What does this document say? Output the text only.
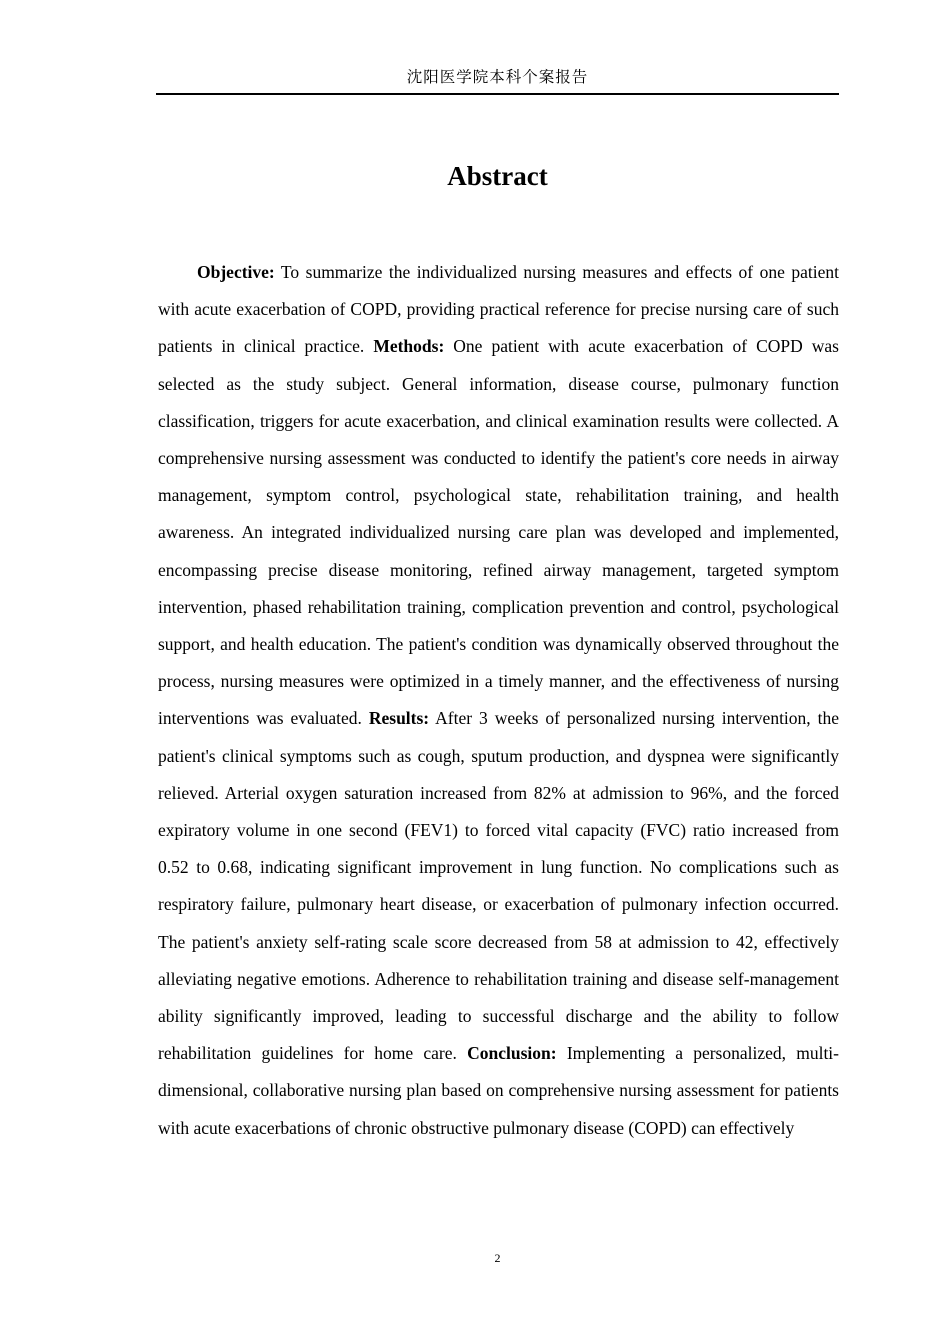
沈阳医学院本科个案报告
Abstract

Objective: To summarize the individualized nursing measures and effects of one patient with acute exacerbation of COPD, providing practical reference for precise nursing care of such patients in clinical practice. Methods: One patient with acute exacerbation of COPD was selected as the study subject. General information, disease course, pulmonary function classification, triggers for acute exacerbation, and clinical examination results were collected. A comprehensive nursing assessment was conducted to identify the patient's core needs in airway management, symptom control, psychological state, rehabilitation training, and health awareness. An integrated individualized nursing care plan was developed and implemented, encompassing precise disease monitoring, refined airway management, targeted symptom intervention, phased rehabilitation training, complication prevention and control, psychological support, and health education. The patient's condition was dynamically observed throughout the process, nursing measures were optimized in a timely manner, and the effectiveness of nursing interventions was evaluated. Results: After 3 weeks of personalized nursing intervention, the patient's clinical symptoms such as cough, sputum production, and dyspnea were significantly relieved. Arterial oxygen saturation increased from 82% at admission to 96%, and the forced expiratory volume in one second (FEV1) to forced vital capacity (FVC) ratio increased from 0.52 to 0.68, indicating significant improvement in lung function. No complications such as respiratory failure, pulmonary heart disease, or exacerbation of pulmonary infection occurred. The patient's anxiety self-rating scale score decreased from 58 at admission to 42, effectively alleviating negative emotions. Adherence to rehabilitation training and disease self-management ability significantly improved, leading to successful discharge and the ability to follow rehabilitation guidelines for home care. Conclusion: Implementing a personalized, multi-dimensional, collaborative nursing plan based on comprehensive nursing assessment for patients with acute exacerbations of chronic obstructive pulmonary disease (COPD) can effectively

2
